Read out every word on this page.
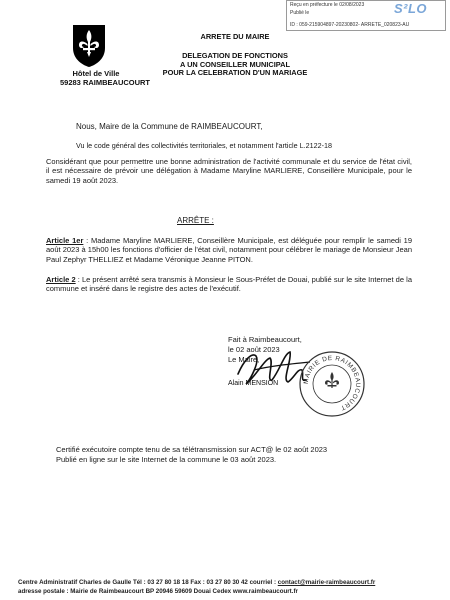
Reçu en préfecture le 02/08/2023
Publié le
ID : 059-215904897-20230802- ARRETE_020823-AU
S²LO
Hôtel de Ville
59283 RAIMBEAUCOURT
ARRETE DU MAIRE
DELEGATION DE FONCTIONS
A UN CONSEILLER MUNICIPAL
POUR LA CELEBRATION D'UN MARIAGE
Nous, Maire de la Commune de RAIMBEAUCOURT,
Vu le code général des collectivités territoriales, et notamment l'article L.2122-18
Considérant que pour permettre une bonne administration de l'activité communale et du service de l'état civil, il est nécessaire de prévoir une délégation à Madame Maryline MARLIERE, Conseillère Municipale, pour le samedi 19 août 2023.
ARRÊTE :
Article 1er : Madame Maryline MARLIERE, Conseillère Municipale, est déléguée pour remplir le samedi 19 août 2023 à 15h00 les fonctions d'officier de l'état civil, notamment pour célébrer le mariage de Monsieur Jean Paul Zephyr THELLIEZ et Madame Véronique Jeanne PITON.
Article 2 : Le présent arrêté sera transmis à Monsieur le Sous-Préfet de Douai, publié sur le site Internet de la commune et inséré dans le registre des actes de l'exécutif.
Fait à Raimbeaucourt,
le 02 août 2023
Le Maire,
Alain MENSION	MAIRIE DE RAIMBEAUCOURT
Certifié exécutoire compte tenu de sa télétransmission sur ACT@ le 02 août 2023
Publié en ligne sur le site Internet de la commune le 03 août 2023.
Centre Administratif Charles de Gaulle Tél : 03 27 80 18 18 Fax : 03 27 80 30 42 courriel : contact@mairie-raimbeaucourt.fr
adresse postale : Mairie de Raimbeaucourt BP 20946 59609 Douai Cedex www.raimbeaucourt.fr
